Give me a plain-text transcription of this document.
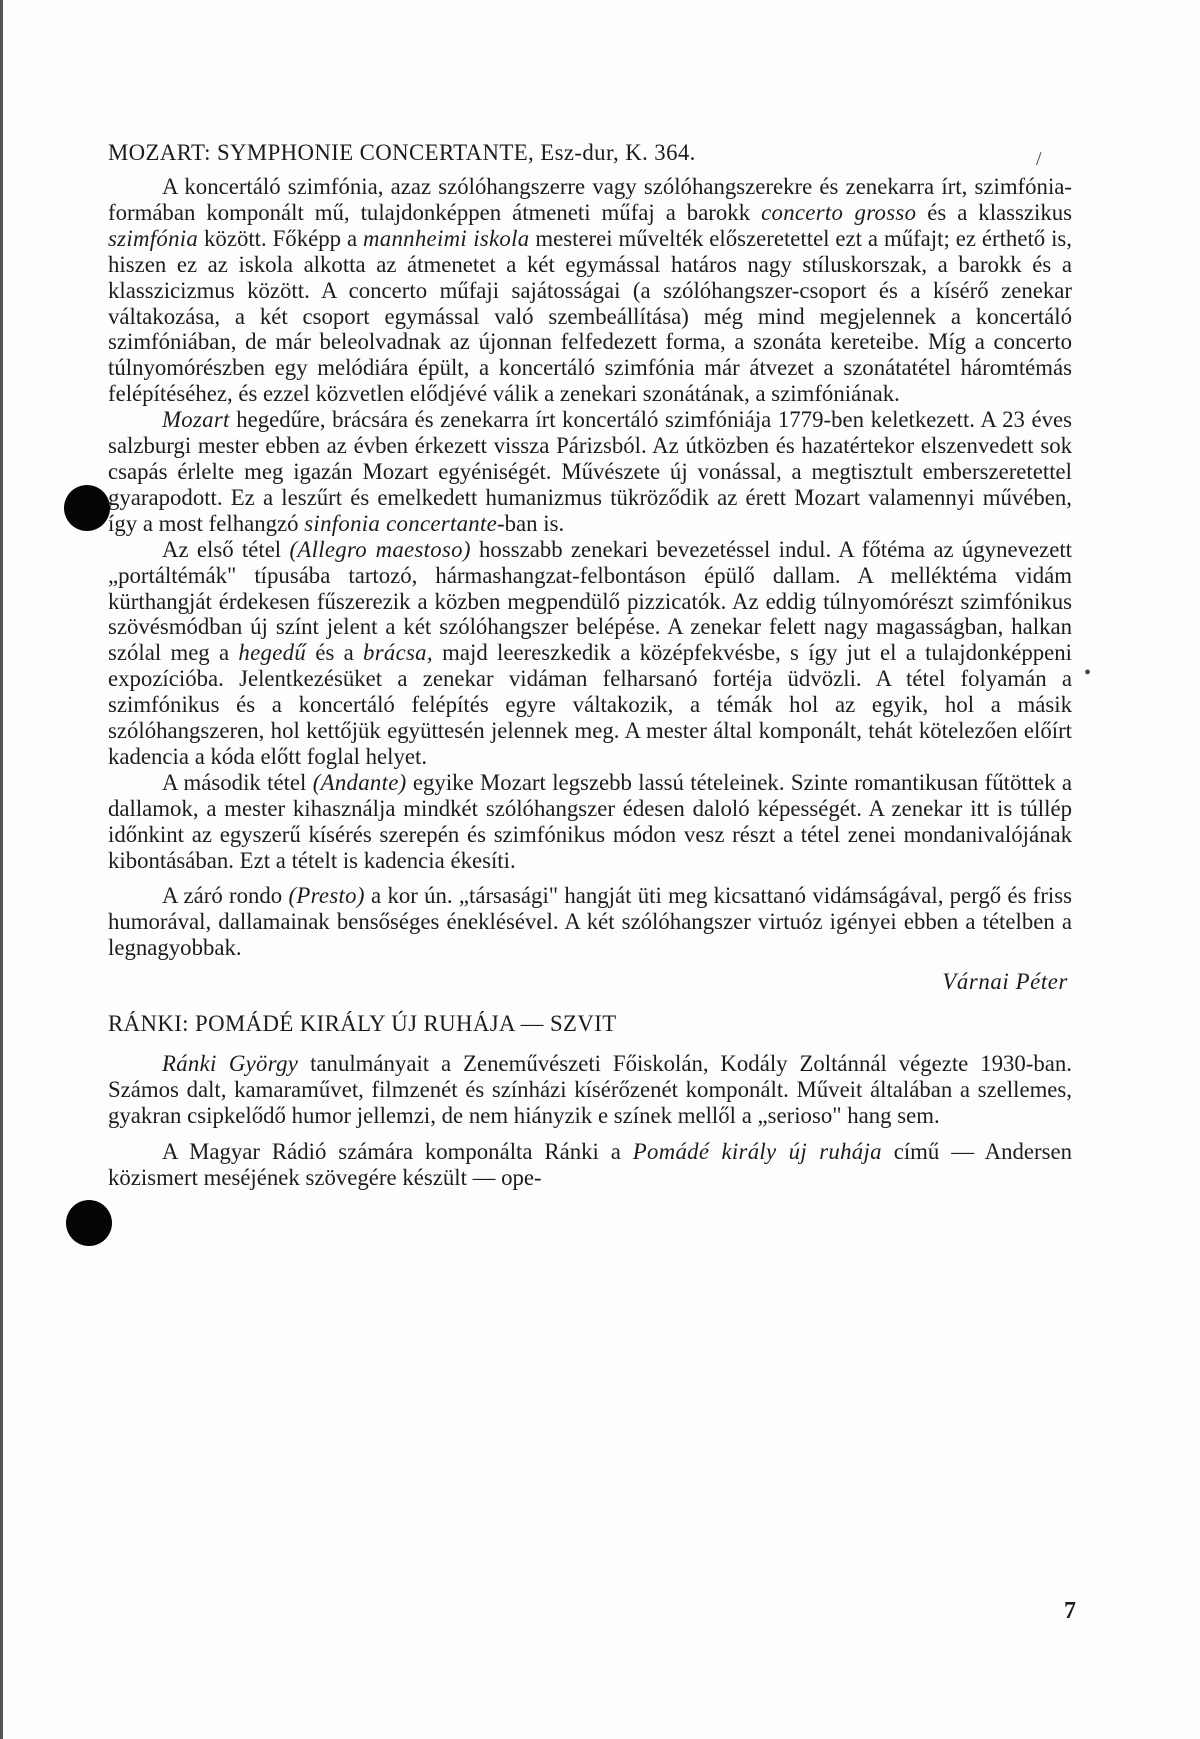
MOZART: SYMPHONIE CONCERTANTE, Esz-dur, K. 364.

A koncertáló szimfónia, azaz szólóhangszerre vagy szólóhangszerekre és zenekarra írt, szimfónia-formában komponált mű, tulajdonképpen átmeneti műfaj a barokk concerto grosso és a klasszikus szimfónia között. Főképp a mannheimi iskola mesterei művelték előszeretettel ezt a műfajt; ez érthető is, hiszen ez az iskola alkotta az átmenetet a két egymással határos nagy stíluskorszak, a barokk és a klasszicizmus között. A concerto műfaji sajátosságai (a szólóhangszer-csoport és a kísérő zenekar váltakozása, a két csoport egymással való szembeállítása) még mind megjelennek a koncertáló szimfóniában, de már beleolvadnak az újonnan felfedezett forma, a szonáta kereteibe. Míg a concerto túlnyomórészben egy melódiára épült, a koncertáló szimfónia már átvezet a szonátatétel háromtémás felépítéséhez, és ezzel közvetlen elődjévé válik a zenekari szonátának, a szimfóniának.

Mozart hegedűre, brácsára és zenekarra írt koncertáló szimfóniája 1779-ben keletkezett. A 23 éves salzburgi mester ebben az évben érkezett vissza Párizsból. Az útközben és hazatértekor elszenvedett sok csapás érlelte meg igazán Mozart egyéniségét. Művészete új vonással, a megtisztult emberszeretettel gyarapodott. Ez a leszűrt és emelkedett humanizmus tükröződik az érett Mozart valamennyi művében, így a most felhangzó sinfonia concertante-ban is.

Az első tétel (Allegro maestoso) hosszabb zenekari bevezetéssel indul. A főtéma az úgynevezett „portáltémák" típusába tartozó, hármashangzat-felbontáson épülő dallam. A melléktéma vidám kürthangját érdekesen fűszerezik a közben megpendülő pizzicatók. Az eddig túlnyomórészt szimfónikus szövésmódban új színt jelent a két szólóhangszer belépése. A zenekar felett nagy magasságban, halkan szólal meg a hegedű és a brácsa, majd leereszkedik a középfekvésbe, s így jut el a tulajdonképpeni expozícióba. Jelentkezésüket a zenekar vidáman felharsanó fortéja üdvözli. A tétel folyamán a szimfónikus és a koncertáló felépítés egyre váltakozik, a témák hol az egyik, hol a másik szólóhangszeren, hol kettőjük együttesén jelennek meg. A mester által komponált, tehát kötelezően előírt kadencia a kóda előtt foglal helyet.

A második tétel (Andante) egyike Mozart legszebb lassú tételeinek. Szinte romantikusan fűtöttek a dallamok, a mester kihasználja mindkét szólóhangszer édesen daloló képességét. A zenekar itt is túllép időnkint az egyszerű kísérés szerepén és szimfónikus módon vesz részt a tétel zenei mondanivalójának kibontásában. Ezt a tételt is kadencia ékesíti.

A záró rondo (Presto) a kor ún. „társasági" hangját üti meg kicsattanó vidámságával, pergő és friss humorával, dallamainak bensőséges éneklésével. A két szólóhangszer virtuóz igényei ebben a tételben a legnagyobbak.

Várnai Péter
RÁNKI: POMÁDÉ KIRÁLY ÚJ RUHÁJA — SZVIT

Ránki György tanulmányait a Zeneművészeti Főiskolán, Kodály Zoltánnál végezte 1930-ban. Számos dalt, kamaraművet, filmzenét és színházi kísérőzenét komponált. Műveit általában a szellemes, gyakran csipkelődő humor jellemzi, de nem hiányzik e színek mellől a „serioso" hang sem.

A Magyar Rádió számára komponálta Ránki a Pomádé király új ruhája című — Andersen közismert meséjének szövegére készült — ope-

7
/
•
